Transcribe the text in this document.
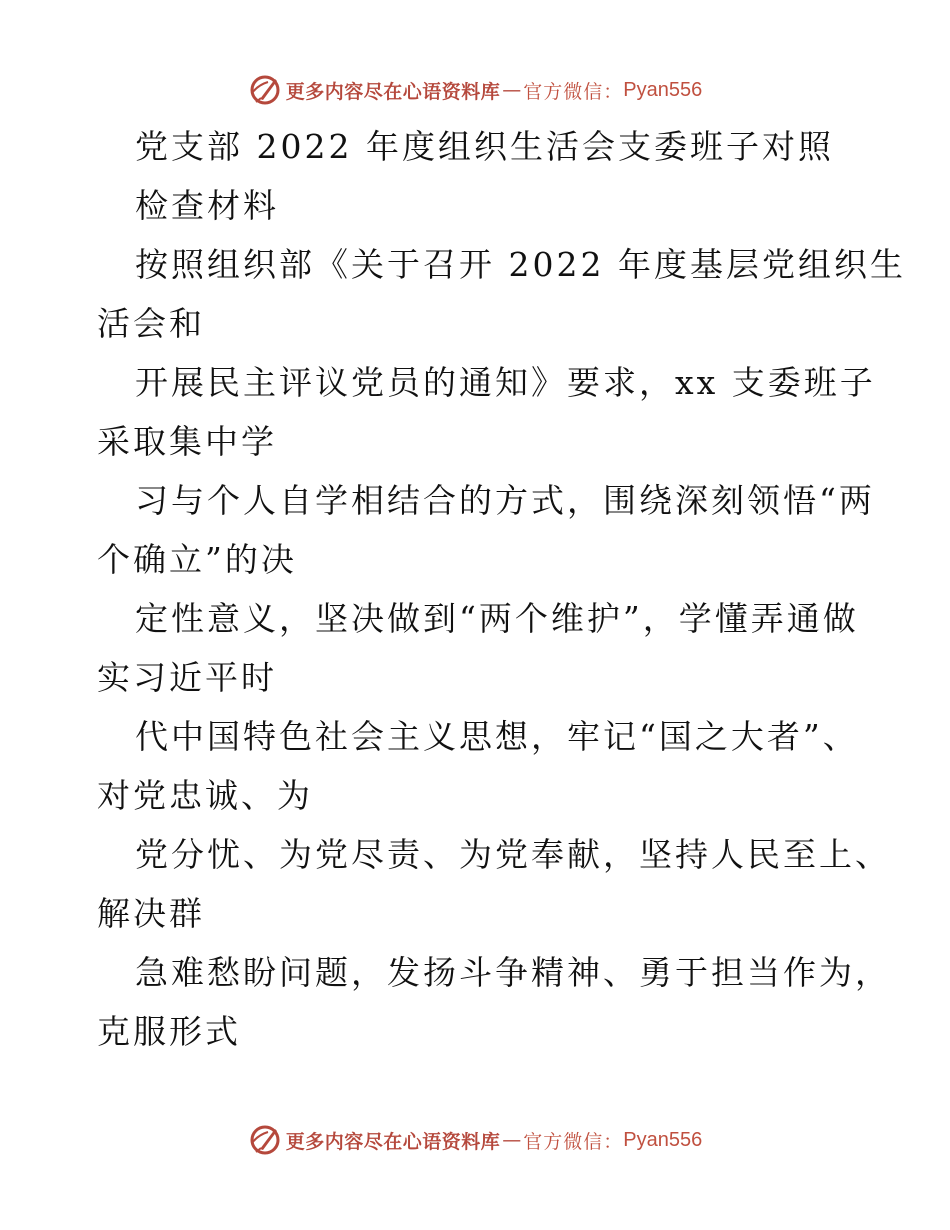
更多内容尽在心语资料库 — 官方微信： Pyan556
党支部 2022 年度组织生活会支委班子对照
检查材料
按照组织部《关于召开 2022 年度基层党组织生
活会和
开展民主评议党员的通知》要求，xx 支委班子
采取集中学
习与个人自学相结合的方式，围绕深刻领悟“两
个确立”的决
定性意义，坚决做到“两个维护”，学懂弄通做
实习近平时
代中国特色社会主义思想，牢记“国之大者”、
对党忠诚、为
党分忧、为党尽责、为党奉献，坚持人民至上、
解决群
急难愁盼问题，发扬斗争精神、勇于担当作为，
克服形式
更多内容尽在心语资料库 — 官方微信： Pyan556
